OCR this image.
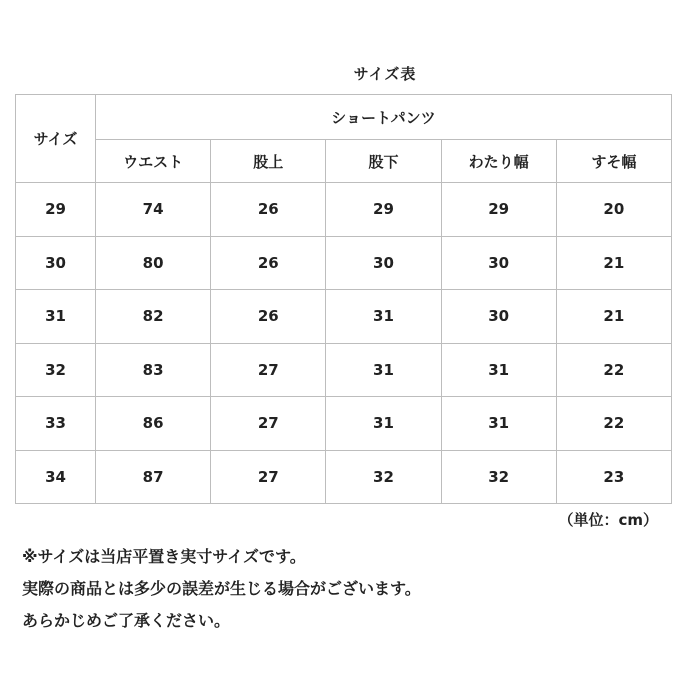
サイズ表
サイズ	ショートパンツ				
	ウエスト	股上	股下	わたり幅	すそ幅
29	74	26	29	29	20
30	80	26	30	30	21
31	82	26	31	30	21
32	83	27	31	31	22
33	86	27	31	31	22
34	87	27	32	32	23
（単位：cm）

※サイズは当店平置き実寸サイズです。

実際の商品とは多少の誤差が生じる場合がございます。

あらかじめご了承ください。
